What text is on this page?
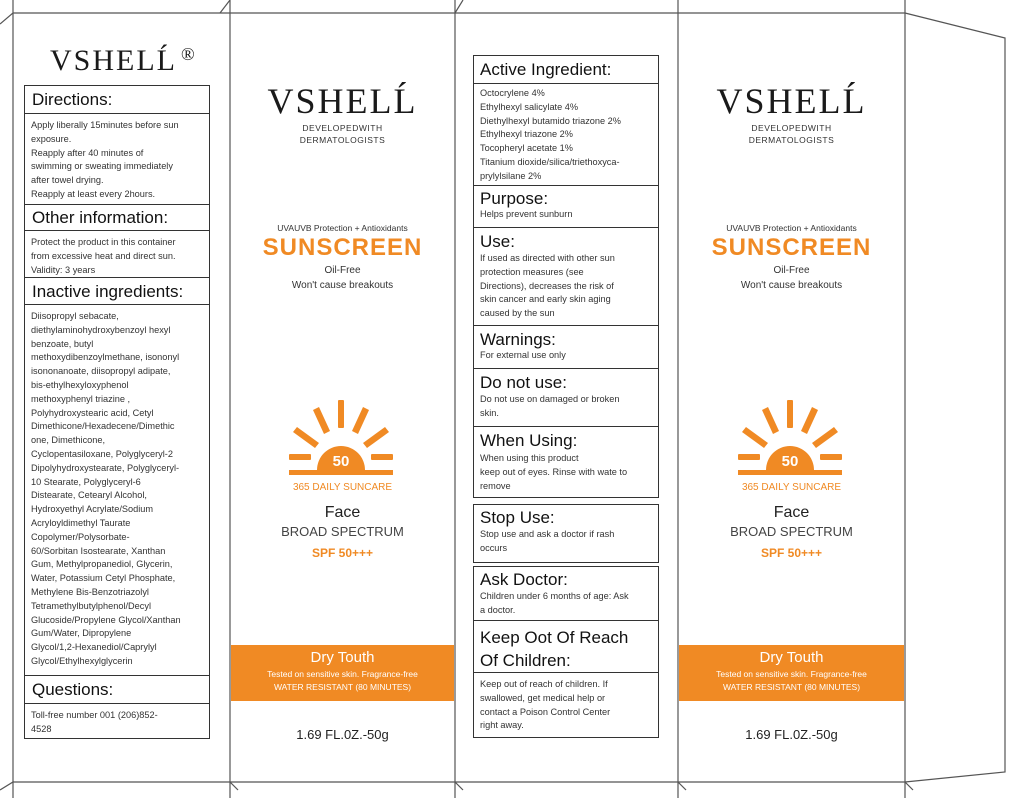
VSHELĹ ®
Directions:
Apply liberally 15minutes before sun
exposure.
Reapply after 40 minutes of
swimming or sweating immediately
after towel drying.
Reapply at least every 2hours.
Other information:
Protect the product in this container
from excessive heat and direct sun.
Validity: 3 years
Inactive ingredients:
Diisopropyl sebacate,
diethylaminohydroxybenzoyl hexyl
benzoate, butyl
methoxydibenzoylmethane, isononyl
isononanoate, diisopropyl adipate,
bis-ethylhexyloxyphenol
methoxyphenyl triazine ,
Polyhydroxystearic acid, Cetyl
Dimethicone/Hexadecene/Dimethic
one, Dimethicone,
Cyclopentasiloxane, Polyglyceryl-2
Dipolyhydroxystearate, Polyglyceryl-
10 Stearate, Polyglyceryl-6
Distearate, Cetearyl Alcohol,
Hydroxyethyl Acrylate/Sodium
Acryloyldimethyl Taurate
Copolymer/Polysorbate-
60/Sorbitan Isostearate, Xanthan
Gum, Methylpropanediol, Glycerin,
Water, Potassium Cetyl Phosphate,
Methylene Bis-Benzotriazolyl
Tetramethylbutylphenol/Decyl
Glucoside/Propylene Glycol/Xanthan
Gum/Water, Dipropylene
Glycol/1,2-Hexanediol/Caprylyl
Glycol/Ethylhexylglycerin
Questions:
Toll-free number 001 (206)852-
4528
VSHELĹ
DEVELOPEDWITH
DERMATOLOGISTS
UVAUVB Protection + Antioxidants
SUNSCREEN
Oil-Free
Won't cause breakouts
50
365 DAILY SUNCARE
Face
BROAD SPECTRUM
SPF 50+++
Dry Touth
Tested on sensitive skin. Fragrance-free
WATER RESISTANT (80 MINUTES)
1.69 FL.0Z.-50g
Active Ingredient:
Octocrylene 4%
Ethylhexyl salicylate 4%
Diethylhexyl butamido triazone 2%
Ethylhexyl triazone 2%
Tocopheryl acetate 1%
Titanium dioxide/silica/triethoxyca-
prylylsilane 2%
Purpose:
Helps prevent sunburn
Use:
If used as directed with other sun
protection measures (see
Directions), decreases the risk of
skin cancer and early skin aging
caused by the sun
Warnings:
For external use only
Do not use:
Do not use on damaged or broken
skin.
When Using:
When using this product
keep out of eyes. Rinse with wate to
remove
Stop Use:
Stop use and ask a doctor if rash
occurs
Ask Doctor:
Children under 6 months of age: Ask
a doctor.
Keep Oot Of Reach
Of Children:
Keep out of reach of children. If
swallowed, get medical help or
contact a Poison Control Center
right away.
VSHELĹ
DEVELOPEDWITH
DERMATOLOGISTS
UVAUVB Protection + Antioxidants
SUNSCREEN
Oil-Free
Won't cause breakouts
50
365 DAILY SUNCARE
Face
BROAD SPECTRUM
SPF 50+++
Dry Touth
Tested on sensitive skin. Fragrance-free
WATER RESISTANT (80 MINUTES)
1.69 FL.0Z.-50g
